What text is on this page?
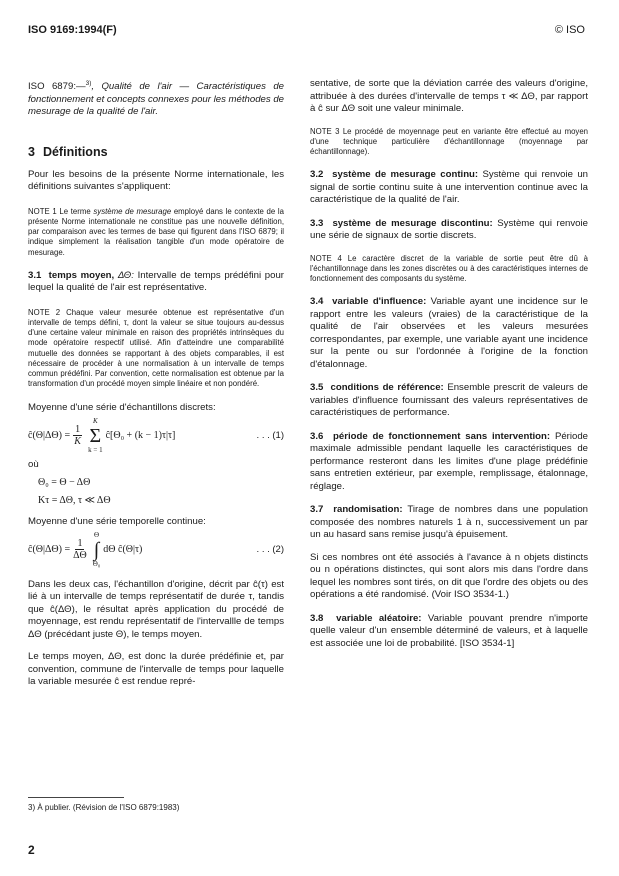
ISO 9169:1994(F)	© ISO

ISO 6879:—$^{3)}$, Qualité de l'air — Caractéristiques de fonctionnement et concepts connexes pour les méthodes de mesurage de la qualité de l'air.

3 Définitions

Pour les besoins de la présente Norme internationale, les définitions suivantes s'appliquent:

NOTE 1 Le terme système de mesurage employé dans le contexte de la présente Norme internationale ne constitue pas une nouvelle définition, par comparaison avec les termes de base qui figurent dans l'ISO 6879; il indique simplement la réalisation tangible d'un mode opératoire de mesurage.

3.1 temps moyen, ΔΘ: Intervalle de temps prédéfini pour lequel la qualité de l'air est représentative.

NOTE 2 Chaque valeur mesurée obtenue est représentative d'un intervalle de temps défini, τ, dont la valeur se situe toujours au-dessus d'une certaine valeur minimale en raison des propriétés intrinsèques du mode opératoire respectif utilisé. Afin d'atteindre une comparabilité mutuelle des données se rapportant à des objets comparables, il est nécessaire de procéder à une normalisation à un intervalle de temps commun prédéfini. Par convention, cette normalisation est obtenue par la transformation d'un procédé moyen simple linéaire et non pondéré.

Moyenne d'une série d'échantillons discrets:

ĉ(Θ|ΔΘ) = $\frac{1}{K}$
K
Σ
k = 1
ĉ[Θ₀ + (k − 1)τ|τ]	. . . (1)

où

Θ₀ = Θ − ΔΘ

Kτ = ΔΘ, τ ≪ ΔΘ

Moyenne d'une série temporelle continue:

ĉ(Θ|ΔΘ) = $\frac{1}{\Delta\Theta}$
Θ
∫
Θ₀
dΘ ĉ(Θ|τ)	. . . (2)

Dans les deux cas, l'échantillon d'origine, décrit par ĉ(τ) est lié à un intervalle de temps représentatif de durée τ, tandis que ĉ(ΔΘ), le résultat après application du procédé de moyennage, est rendu représentatif de l'intervallle de temps ΔΘ (précédant juste Θ), le temps moyen.

Le temps moyen, ΔΘ, est donc la durée prédéfinie et, par convention, commune de l'intervalle de temps pour laquelle la variable mesurée ĉ est rendue repré-

sentative, de sorte que la déviation carrée des valeurs d'origine, attribuée à des durées d'intervalle de temps τ ≪ ΔΘ, par rapport à ĉ sur ΔΘ soit une valeur minimale.

NOTE 3 Le procédé de moyennage peut en variante être effectué au moyen d'une technique particulière d'échantillonnage (moyennage par échantillonnage).

3.2 système de mesurage continu: Système qui renvoie un signal de sortie continu suite à une intervention continue avec la caractéristique de la qualité de l'air.

3.3 système de mesurage discontinu: Système qui renvoie une série de signaux de sortie discrets.

NOTE 4 Le caractère discret de la variable de sortie peut être dû à l'échantillonnage dans les zones discrètes ou à des caractéristiques internes de fonctionnement des composants du système.

3.4 variable d'influence: Variable ayant une incidence sur le rapport entre les valeurs (vraies) de la caractéristique de la qualité de l'air observées et les valeurs mesurées correspondantes, par exemple, une variable ayant une incidence sur la pente ou sur l'ordonnée à l'origine de la fonction d'étalonnage.

3.5 conditions de référence: Ensemble prescrit de valeurs de variables d'influence fournissant des valeurs représentatives de caractéristiques de performance.

3.6 période de fonctionnement sans intervention: Période maximale admissible pendant laquelle les caractéristiques de performance resteront dans les limites d'une plage prédéfinie sans entretien extérieur, par exemple, remplissage, étalonnage, réglage.

3.7 randomisation: Tirage de nombres dans une population composée des nombres naturels 1 à n, successivement un par un au hasard sans remise jusqu'à épuisement.

Si ces nombres ont été associés à l'avance à n objets distincts ou n opérations distinctes, qui sont alors mis dans l'ordre dans lequel les nombres sont tirés, on dit que l'ordre des objets ou des opérations a été randomisé. (Voir ISO 3534-1.)

3.8 variable aléatoire: Variable pouvant prendre n'importe quelle valeur d'un ensemble déterminé de valeurs, et à laquelle est associée une loi de probabilité. [ISO 3534-1]

3) À publier. (Révision de l'ISO 6879:1983)
2
